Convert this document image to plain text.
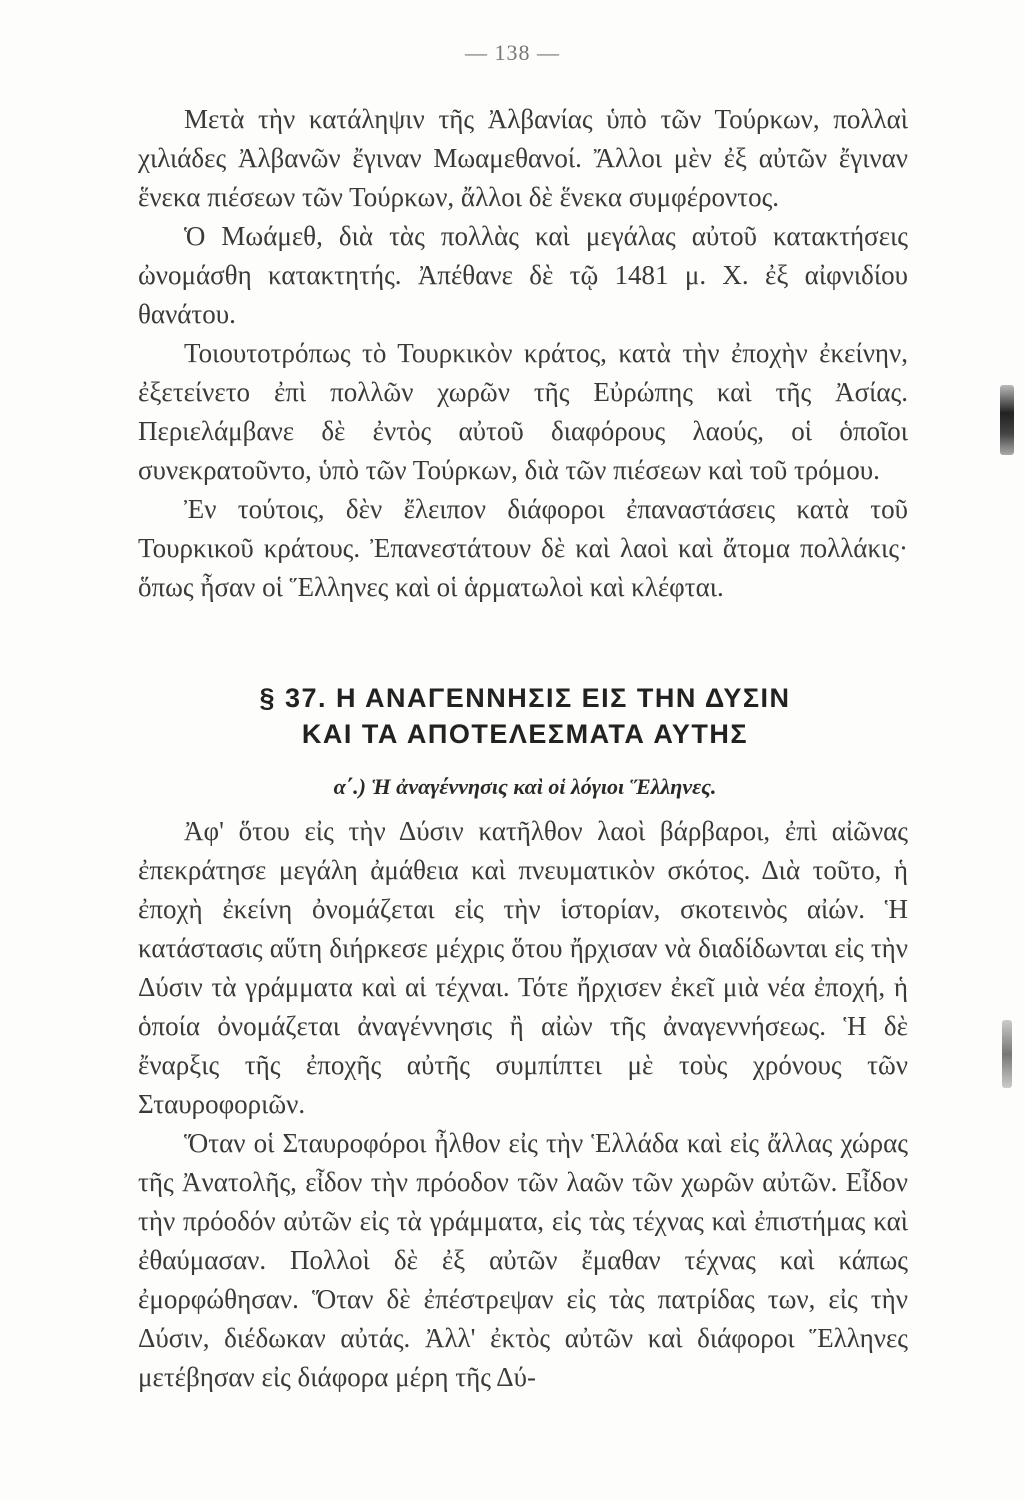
— 138 —

Μετὰ τὴν κατάληψιν τῆς Ἀλβανίας ὑπὸ τῶν Τούρκων, πολλαὶ χιλιάδες Ἀλβανῶν ἔγιναν Μωαμεθανοί. Ἄλλοι μὲν ἐξ αὐτῶν ἔγιναν ἕνεκα πιέσεων τῶν Τούρκων, ἄλλοι δὲ ἕνεκα συμφέροντος.

Ὁ Μωάμεθ, διὰ τὰς πολλὰς καὶ μεγάλας αὐτοῦ κατακτήσεις ὠνομάσθη κατακτητής. Ἀπέθανε δὲ τῷ 1481 μ. Χ. ἐξ αἰφνιδίου θανάτου.

Τοιουτοτρόπως τὸ Τουρκικὸν κράτος, κατὰ τὴν ἐποχὴν ἐκείνην, ἐξετείνετο ἐπὶ πολλῶν χωρῶν τῆς Εὐρώπης καὶ τῆς Ἀσίας. Περιελάμβανε δὲ ἐντὸς αὐτοῦ διαφόρους λαούς, οἱ ὁποῖοι συνεκρατοῦντο, ὑπὸ τῶν Τούρκων, διὰ τῶν πιέσεων καὶ τοῦ τρόμου.

Ἐν τούτοις, δὲν ἔλειπον διάφοροι ἐπαναστάσεις κατὰ τοῦ Τουρκικοῦ κράτους. Ἐπανεστάτουν δὲ καὶ λαοὶ καὶ ἄτομα πολλάκις· ὅπως ἦσαν οἱ Ἕλληνες καὶ οἱ ἁρματωλοὶ καὶ κλέφται.

§ 37. Η ΑΝΑΓΕΝΝΗΣΙΣ ΕΙΣ ΤΗΝ ΔΥΣΙΝ
ΚΑΙ ΤΑ ΑΠΟΤΕΛΕΣΜΑΤΑ ΑΥΤΗΣ
α΄.) Ἡ ἀναγέννησις καὶ οἱ λόγιοι Ἕλληνες.

Ἀφ' ὅτου εἰς τὴν Δύσιν κατῆλθον λαοὶ βάρβαροι, ἐπὶ αἰῶνας ἐπεκράτησε μεγάλη ἀμάθεια καὶ πνευματικὸν σκότος. Διὰ τοῦτο, ἡ ἐποχὴ ἐκείνη ὀνομάζεται εἰς τὴν ἱστορίαν, σκοτεινὸς αἰών. Ἡ κατάστασις αὕτη διήρκεσε μέχρις ὅτου ἤρχισαν νὰ διαδίδωνται εἰς τὴν Δύσιν τὰ γράμματα καὶ αἱ τέχναι. Τότε ἤρχισεν ἐκεῖ μιὰ νέα ἐποχή, ἡ ὁποία ὀνομάζεται ἀναγέννησις ἢ αἰὼν τῆς ἀναγεννήσεως. Ἡ δὲ ἔναρξις τῆς ἐποχῆς αὐτῆς συμπίπτει μὲ τοὺς χρόνους τῶν Σταυροφοριῶν.

Ὅταν οἱ Σταυροφόροι ἦλθον εἰς τὴν Ἑλλάδα καὶ εἰς ἄλλας χώρας τῆς Ἀνατολῆς, εἶδον τὴν πρόοδον τῶν λαῶν τῶν χωρῶν αὐτῶν. Εἶδον τὴν πρόοδόν αὐτῶν εἰς τὰ γράμματα, εἰς τὰς τέχνας καὶ ἐπιστήμας καὶ ἐθαύμασαν. Πολλοὶ δὲ ἐξ αὐτῶν ἔμαθαν τέχνας καὶ κάπως ἐμορφώθησαν. Ὅταν δὲ ἐπέστρεψαν εἰς τὰς πατρίδας των, εἰς τὴν Δύσιν, διέδωκαν αὐτάς. Ἀλλ' ἐκτὸς αὐτῶν καὶ διάφοροι Ἕλληνες μετέβησαν εἰς διάφορα μέρη τῆς Δύ-
